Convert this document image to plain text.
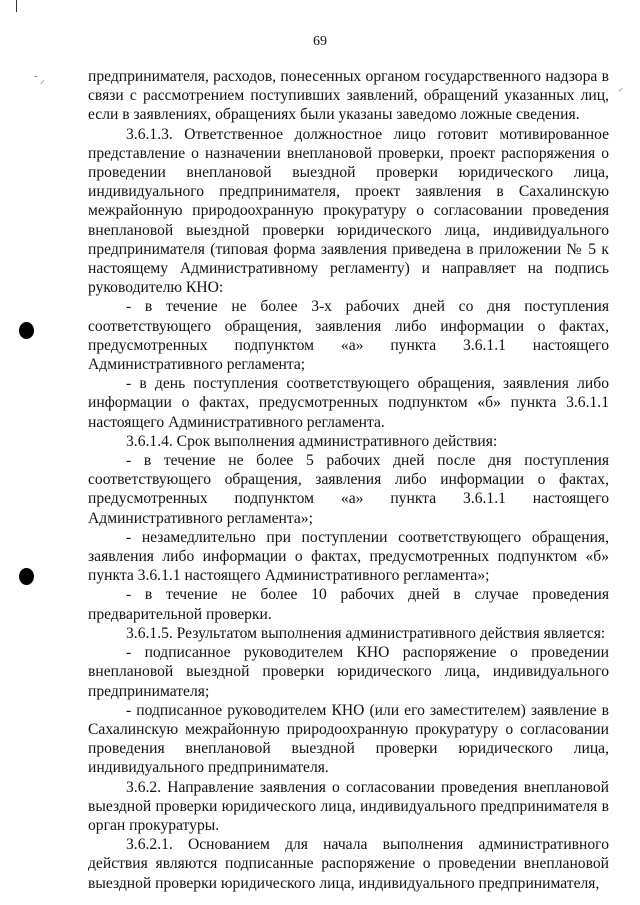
˘ ⸝
⸝
69

предпринимателя, расходов, понесенных органом государственного надзора в связи с рассмотрением поступивших заявлений, обращений указанных лиц, если в заявлениях, обращениях были указаны заведомо ложные сведения.

3.6.1.3. Ответственное должностное лицо готовит мотивированное представление о назначении внеплановой проверки, проект распоряжения о проведении внеплановой выездной проверки юридического лица, индивидуального предпринимателя, проект заявления в Сахалинскую межрайонную природоохранную прокуратуру о согласовании проведения внеплановой выездной проверки юридического лица, индивидуального предпринимателя (типовая форма заявления приведена в приложении № 5 к настоящему Административному регламенту) и направляет на подпись руководителю КНО:

- в течение не более 3-х рабочих дней со дня поступления соответствующего обращения, заявления либо информации о фактах, предусмотренных подпунктом «а» пункта 3.6.1.1 настоящего Административного регламента;

- в день поступления соответствующего обращения, заявления либо информации о фактах, предусмотренных подпунктом «б» пункта 3.6.1.1 настоящего Административного регламента.

3.6.1.4. Срок выполнения административного действия:

- в течение не более 5 рабочих дней после дня поступления соответствующего обращения, заявления либо информации о фактах, предусмотренных подпунктом «а» пункта 3.6.1.1 настоящего Административного регламента»;

- незамедлительно при поступлении соответствующего обращения, заявления либо информации о фактах, предусмотренных подпунктом «б» пункта 3.6.1.1 настоящего Административного регламента»;

- в течение не более 10 рабочих дней в случае проведения предварительной проверки.

3.6.1.5. Результатом выполнения административного действия является:

- подписанное руководителем КНО распоряжение о проведении внеплановой выездной проверки юридического лица, индивидуального предпринимателя;

- подписанное руководителем КНО (или его заместителем) заявление в Сахалинскую межрайонную природоохранную прокуратуру о согласовании проведения внеплановой выездной проверки юридического лица, индивидуального предпринимателя.

3.6.2. Направление заявления о согласовании проведения внеплановой выездной проверки юридического лица, индивидуального предпринимателя в орган прокуратуры.

3.6.2.1. Основанием для начала выполнения административного действия являются подписанные распоряжение о проведении внеплановой выездной проверки юридического лица, индивидуального предпринимателя,
